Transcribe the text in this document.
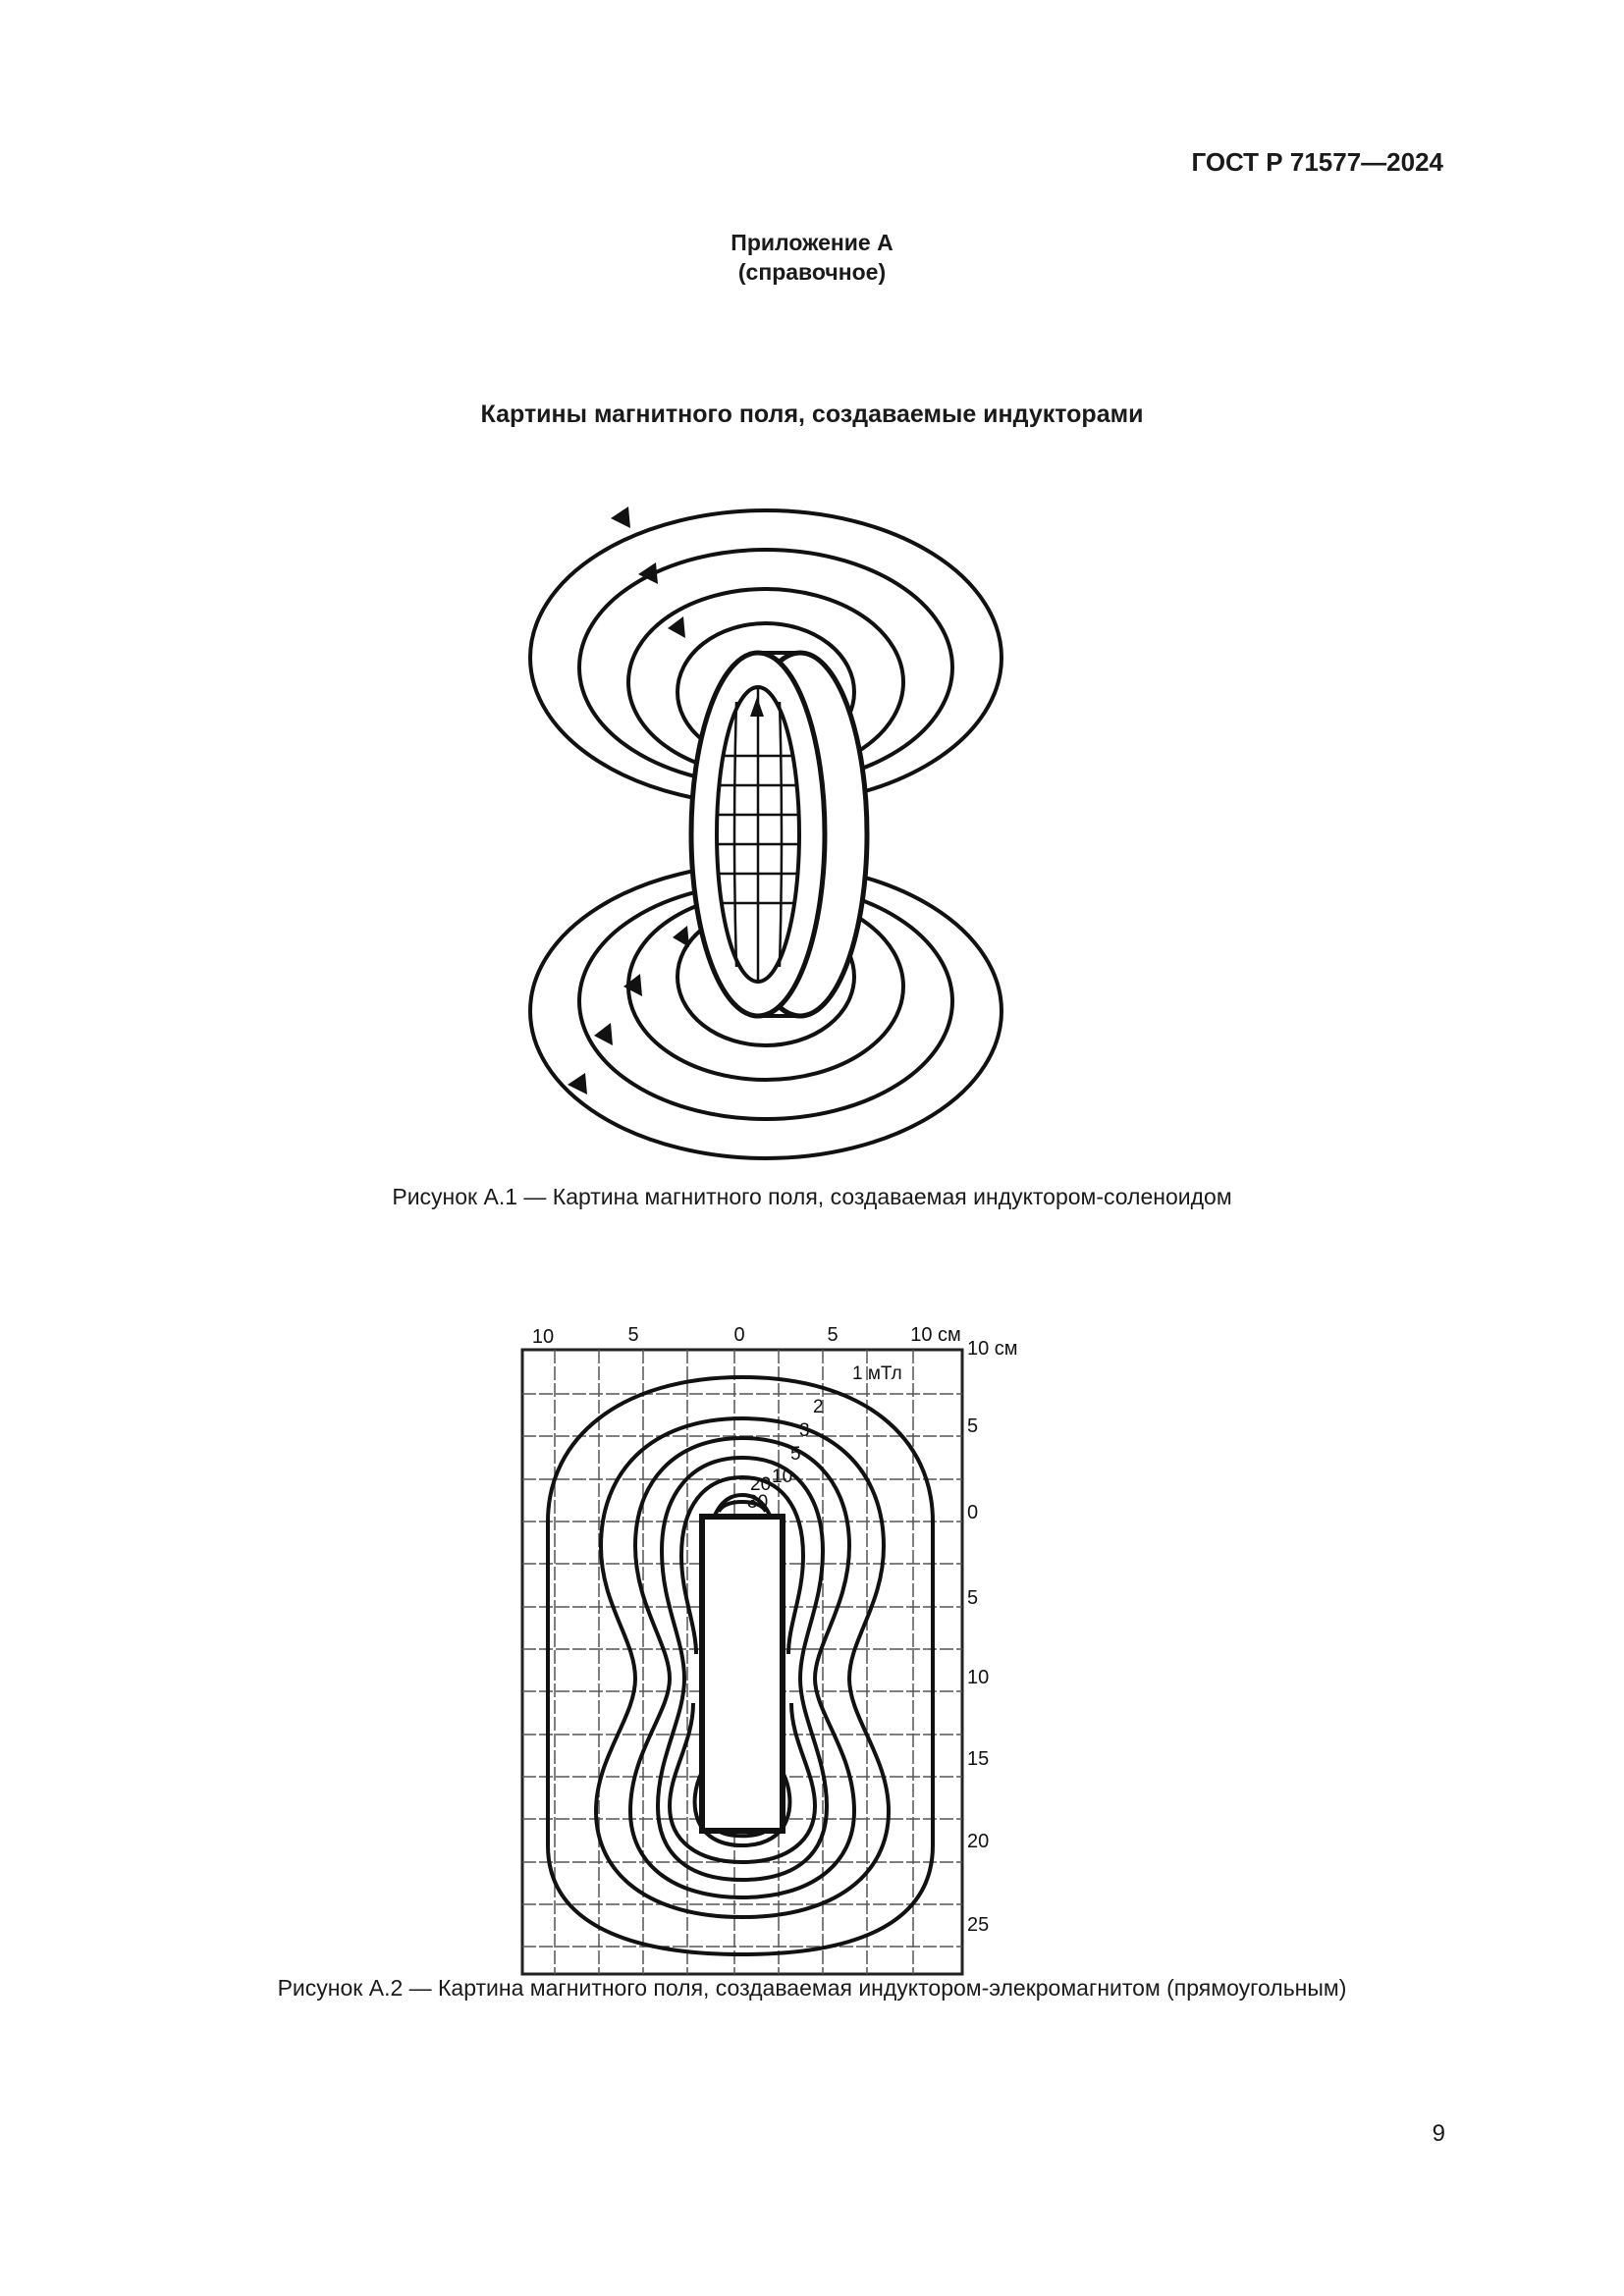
ГОСТ Р 71577—2024
Приложение А
(справочное)
Картины магнитного поля, создаваемые индукторами
Рисунок А.1 — Картина магнитного поля, создаваемая индуктором-соленоидом
10	5	0	5	10 см
10 см
5
0
5
10
15
20
25
1 мТл
2
3
5
10
20
30
Рисунок А.2 — Картина магнитного поля, создаваемая индуктором-элекромагнитом (прямоугольным)
9
